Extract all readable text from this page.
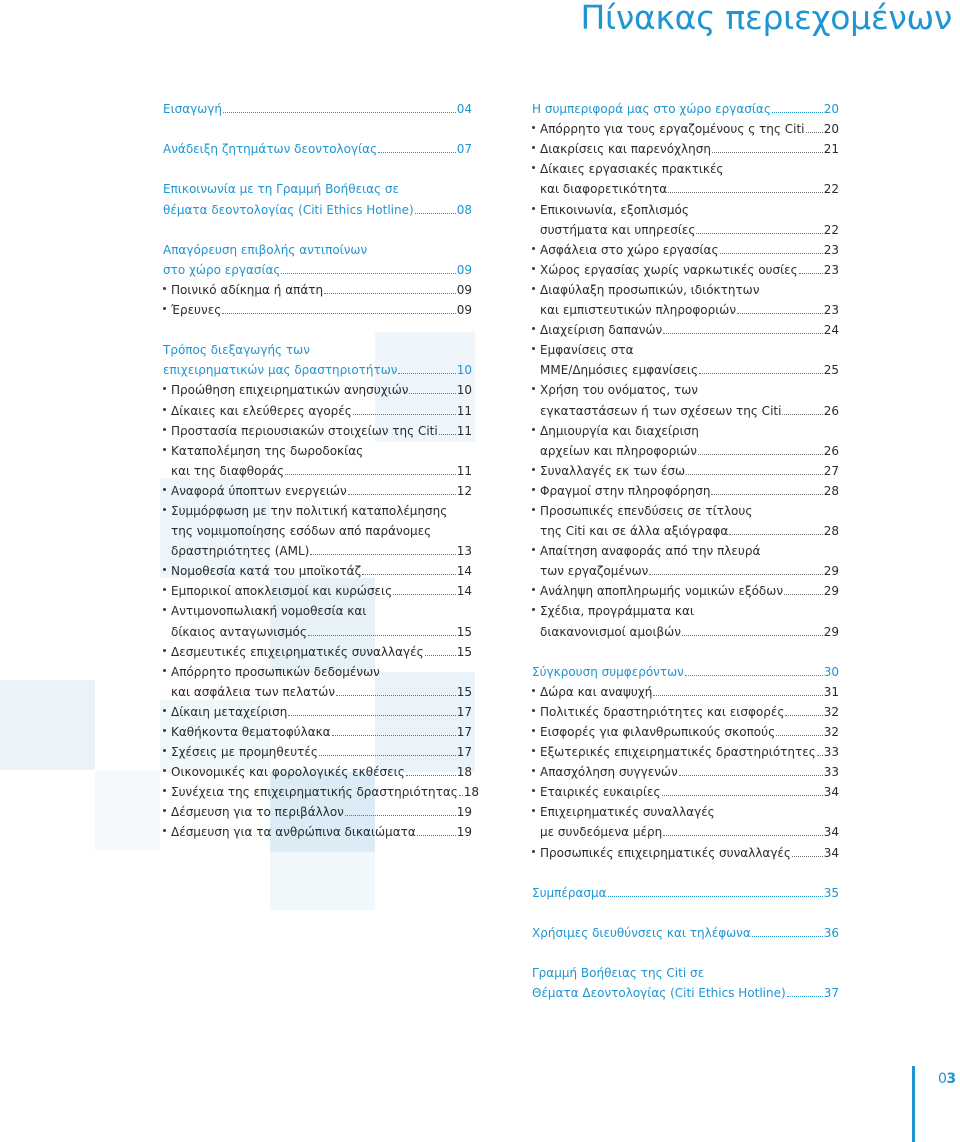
Πίνακας περιεχομένων
Εισαγωγή	04
Ανάδειξη ζητημάτων δεοντολογίας	07
Επικοινωνία με τη Γραμμή Βοήθειας σε
θέματα δεοντολογίας (Citi Ethics Hotline)	08
Απαγόρευση επιβολής αντιποίνων
στο χώρο εργασίας	09
Ποινικό αδίκημα ή απάτη	09
Έρευνες	09
Τρόπος διεξαγωγής των
επιχειρηματικών μας δραστηριοτήτων	10
Προώθηση επιχειρηματικών ανησυχιών	10
Δίκαιες και ελεύθερες αγορές	11
Προστασία περιουσιακών στοιχείων της Citi 11
Καταπολέμηση της δωροδοκίας
και της διαφθοράς	11
Αναφορά ύποπτων ενεργειών	12
Συμμόρφωση με την πολιτική καταπολέμησης
της νομιμοποίησης εσόδων από παράνομες
δραστηριότητες (AML)	13
Νομοθεσία κατά του μποϊκοτάζ	14
Εμπορικοί αποκλεισμοί και κυρώσεις	14
Αντιμονοπωλιακή νομοθεσία και
δίκαιος ανταγωνισμός	15
Δεσμευτικές επιχειρηματικές συναλλαγές	15
Απόρρητο προσωπικών δεδομένων
και ασφάλεια των πελατών	15
Δίκαιη μεταχείριση	17
Καθήκοντα θεματοφύλακα	17
Σχέσεις με προμηθευτές	17
Οικονομικές και φορολογικές εκθέσεις	18
Συνέχεια της επιχειρηματικής δραστηριότητας 18
Δέσμευση για το περιβάλλον	19
Δέσμευση για τα ανθρώπινα δικαιώματα	19
Η συμπεριφορά μας στο χώρο εργασίας	20
Απόρρητο για τους εργαζομένους ς της Citi 20
Διακρίσεις και παρενόχληση	21
Δίκαιες εργασιακές πρακτικές
και διαφορετικότητα	22
Επικοινωνία, εξοπλισμός
συστήματα και υπηρεσίες	22
Ασφάλεια στο χώρο εργασίας	23
Χώρος εργασίας χωρίς ναρκωτικές ουσίες 23
Διαφύλαξη προσωπικών, ιδιόκτητων
και εμπιστευτικών πληροφοριών	23
Διαχείριση δαπανών	24
Εμφανίσεις στα
ΜΜΕ/Δημόσιες εμφανίσεις	25
Χρήση του ονόματος, των
εγκαταστάσεων ή των σχέσεων της Citi	26
Δημιουργία και διαχείριση
αρχείων και πληροφοριών	26
Συναλλαγές εκ των έσω	27
Φραγμοί στην πληροφόρηση	28
Προσωπικές επενδύσεις σε τίτλους
της Citi και σε άλλα αξιόγραφα	28
Απαίτηση αναφοράς από την πλευρά
των εργαζομένων	29
Ανάληψη αποπληρωμής νομικών εξόδων	29
Σχέδια, προγράμματα και
διακανονισμοί αμοιβών	29
Σύγκρουση συμφερόντων	30
Δώρα και αναψυχή	31
Πολιτικές δραστηριότητες και εισφορές	32
Εισφορές για φιλανθρωπικούς σκοπούς	32
Εξωτερικές επιχειρηματικές δραστηριότητες 33
Απασχόληση συγγενών	33
Εταιρικές ευκαιρίες	34
Επιχειρηματικές συναλλαγές
με συνδεόμενα μέρη	34
Προσωπικές επιχειρηματικές συναλλαγές	34
Συμπέρασμα	35
Χρήσιμες διευθύνσεις και τηλέφωνα	36
Γραμμή Βοήθειας της Citi σε
Θέματα Δεοντολογίας (Citi Ethics Hotline)	37
03
